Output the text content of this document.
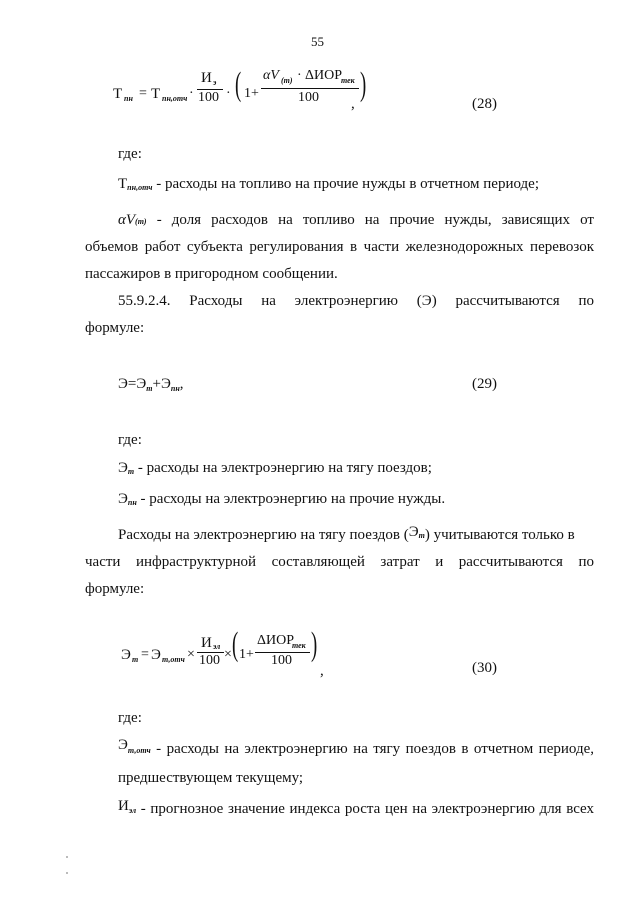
55
Т пн = Т пн,отч ·
И э
100 · ( 1+
αV (т) · ΔИОР
тек
100 )
,	(28)
где:
Тпн,отч - расходы на топливо на прочие нужды в отчетном периоде;
αV(т) - доля расходов на топливо на прочие нужды, зависящих от
объемов работ субъекта регулирования в части железнодорожных перевозок
пассажиров в пригородном сообщении.
55.9.2.4. Расходы на электроэнергию (Э) рассчитываются по
формуле:
$Э=Э_т+Э_{пн}$,	(29)
где:
Эт - расходы на электроэнергию на тягу поездов;
Эпн - расходы на электроэнергию на прочие нужды.
Расходы на электроэнергию на тягу поездов (Эт) учитываются только в
части инфраструктурной составляющей затрат и рассчитываются по
формуле:
Э т = Э т,отч ×
И эл
100 × ( 1+
ΔИОР
тек
100 )
,	(30)
где:
Эт,отч - расходы на электроэнергию на тягу поездов в отчетном периоде,
предшествующем текущему;
Иэл - прогнозное значение индекса роста цен на электроэнергию для всех
